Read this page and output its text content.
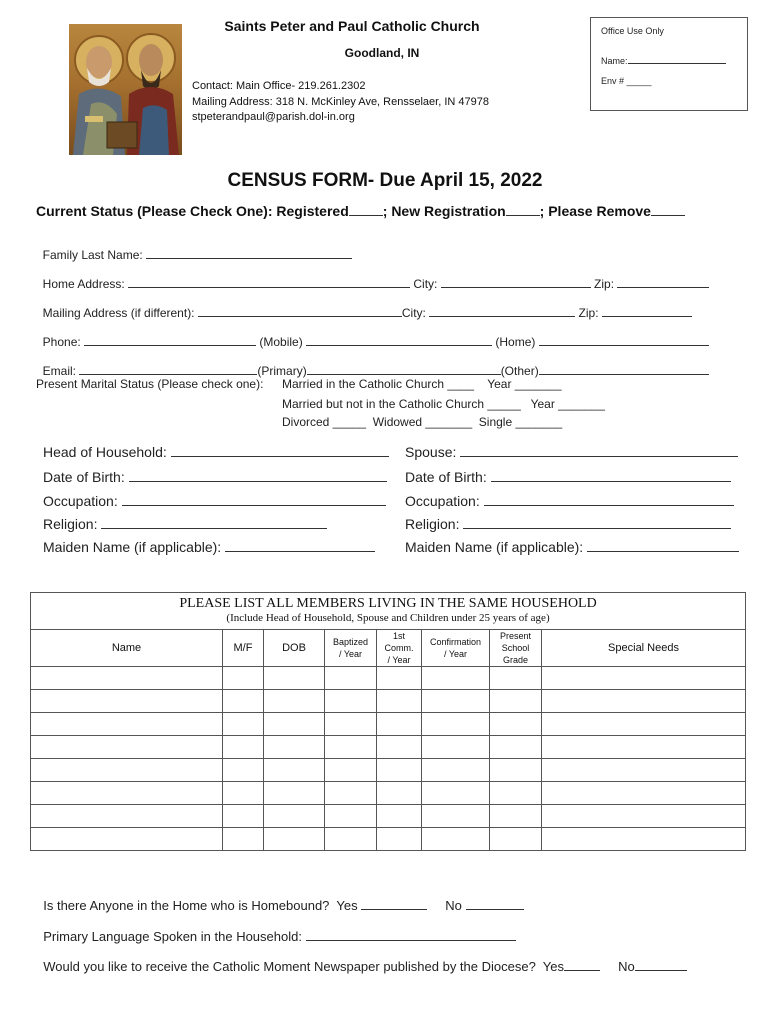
Saints Peter and Paul Catholic Church
Goodland, IN
Contact: Main Office- 219.261.2302
Mailing Address: 318 N. McKinley Ave, Rensselaer, IN 47978
stpeterandpaul@parish.dol-in.org
Office Use Only
Name:
Env # _____
CENSUS FORM- Due April 15, 2022
Current Status (Please Check One): Registered ; New Registration ; Please Remove

Family Last Name:

Home Address:	City:	Zip:

Mailing Address (if different):	City:	Zip:

Phone:	(Mobile)	(Home)

Email:	(Primary)	(Other)

Present Marital Status (Please check one): Married in the Catholic Church ____    Year _______
Married but not in the Catholic Church _____   Year _______
Divorced _____  Widowed _______  Single _______
Head of Household:
Date of Birth:
Occupation:
Religion:
Maiden Name (if applicable):
Spouse:
Date of Birth:
Occupation:
Religion:
Maiden Name (if applicable):
PLEASE LIST ALL MEMBERS LIVING IN THE SAME HOUSEHOLD
(Include Head of Household, Spouse and Children under 25 years of age)							

Name	M/F	DOB	Baptized
/ Year	1st
Comm.
/ Year	Confirmation
/ Year	Present
School
Grade	Special Needs

Is there Anyone in the Home who is Homebound?  Yes	No

Primary Language Spoken in the Household:

Would you like to receive the Catholic Moment Newspaper published by the Diocese?  Yes	No
